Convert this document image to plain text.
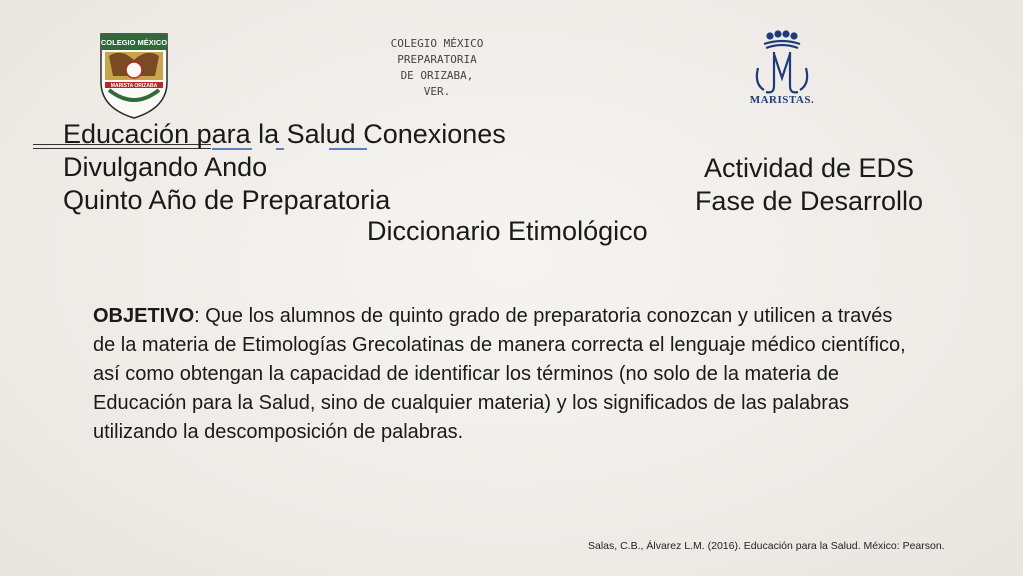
COLEGIO MÉXICO
MARISTA ORIZABA
COLEGIO MÉXICO
PREPARATORIA
DE ORIZABA,
VER.
MARISTAS.
Educación para la Salud Conexiones
Divulgando Ando
Quinto Año de Preparatoria
Diccionario Etimológico
Actividad de EDS
Fase de Desarrollo
OBJETIVO: Que los alumnos de quinto grado de preparatoria conozcan y utilicen a través de la materia de Etimologías Grecolatinas de manera correcta el lenguaje médico científico, así como obtengan la capacidad de identificar los términos (no solo de la materia de Educación para la Salud, sino de cualquier materia) y los significados de las palabras utilizando la descomposición de palabras.
Salas, C.B., Álvarez L.M. (2016). Educación para la Salud. México: Pearson.
